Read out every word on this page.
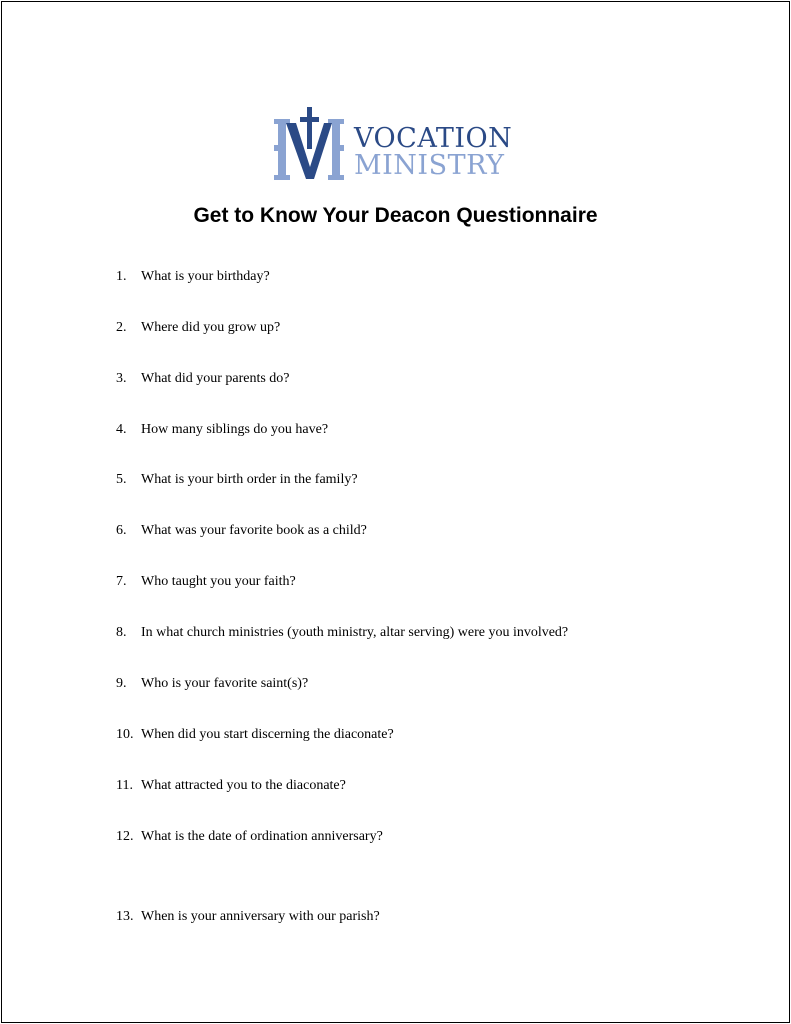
VOCATION
MINISTRY
Get to Know Your Deacon Questionnaire
1. What is your birthday?
2. Where did you grow up?
3. What did your parents do?
4. How many siblings do you have?
5. What is your birth order in the family?
6. What was your favorite book as a child?
7. Who taught you your faith?
8. In what church ministries (youth ministry, altar serving) were you involved?
9. Who is your favorite saint(s)?
10. When did you start discerning the diaconate?
11. What attracted you to the diaconate?
12. What is the date of ordination anniversary?
13. When is your anniversary with our parish?
